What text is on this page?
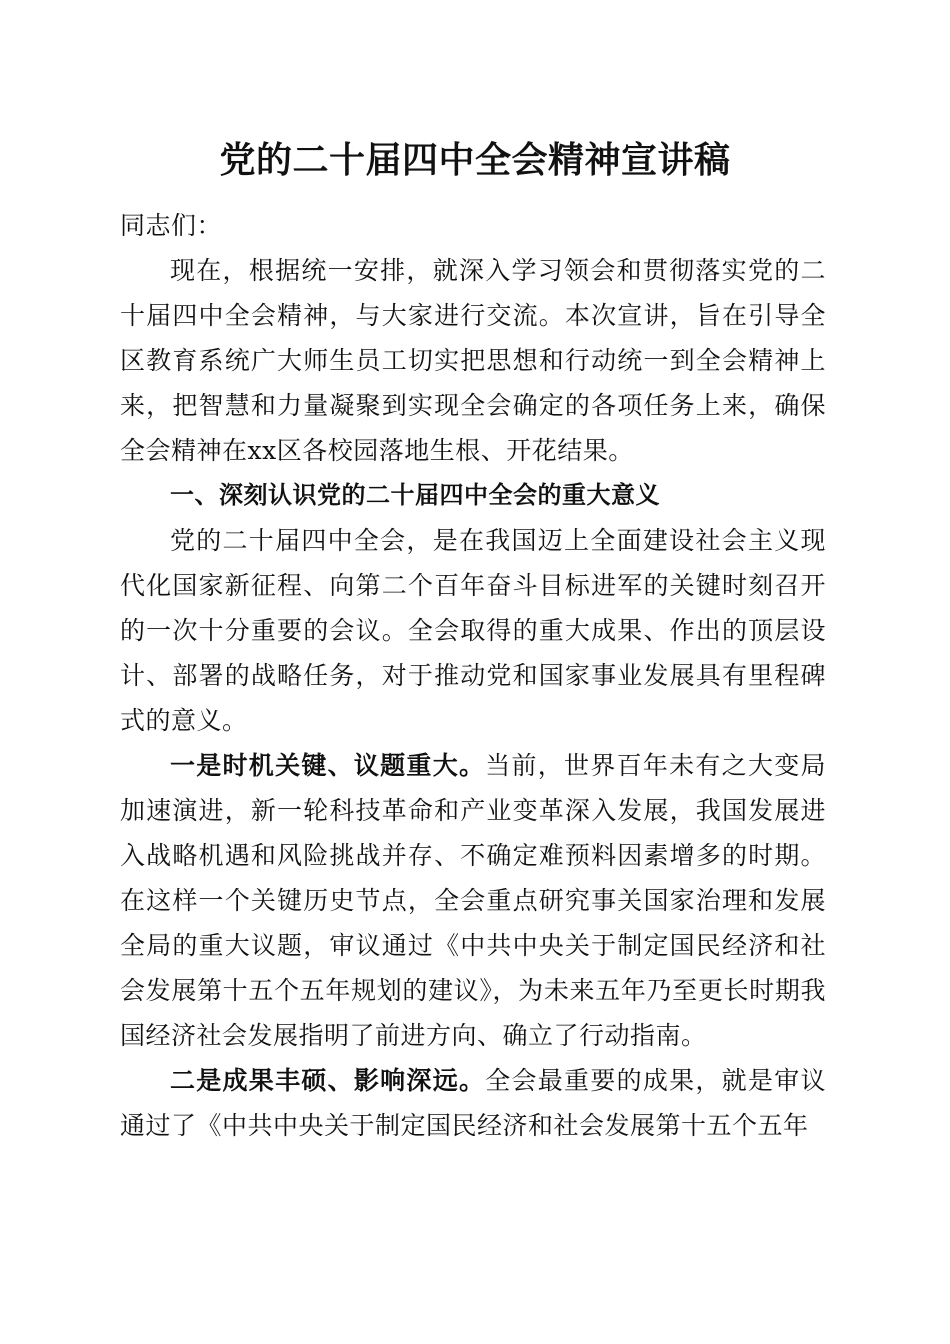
党的二十届四中全会精神宣讲稿

同志们：

现在，根据统一安排，就深入学习领会和贯彻落实党的二十届四中全会精神，与大家进行交流。本次宣讲，旨在引导全区教育系统广大师生员工切实把思想和行动统一到全会精神上来，把智慧和力量凝聚到实现全会确定的各项任务上来，确保全会精神在xx区各校园落地生根、开花结果。

一、深刻认识党的二十届四中全会的重大意义

党的二十届四中全会，是在我国迈上全面建设社会主义现代化国家新征程、向第二个百年奋斗目标进军的关键时刻召开的一次十分重要的会议。全会取得的重大成果、作出的顶层设计、部署的战略任务，对于推动党和国家事业发展具有里程碑式的意义。

一是时机关键、议题重大。当前，世界百年未有之大变局加速演进，新一轮科技革命和产业变革深入发展，我国发展进入战略机遇和风险挑战并存、不确定难预料因素增多的时期。在这样一个关键历史节点，全会重点研究事关国家治理和发展全局的重大议题，审议通过《中共中央关于制定国民经济和社会发展第十五个五年规划的建议》，为未来五年乃至更长时期我国经济社会发展指明了前进方向、确立了行动指南。

二是成果丰硕、影响深远。全会最重要的成果，就是审议通过了《中共中央关于制定国民经济和社会发展第十五个五年
